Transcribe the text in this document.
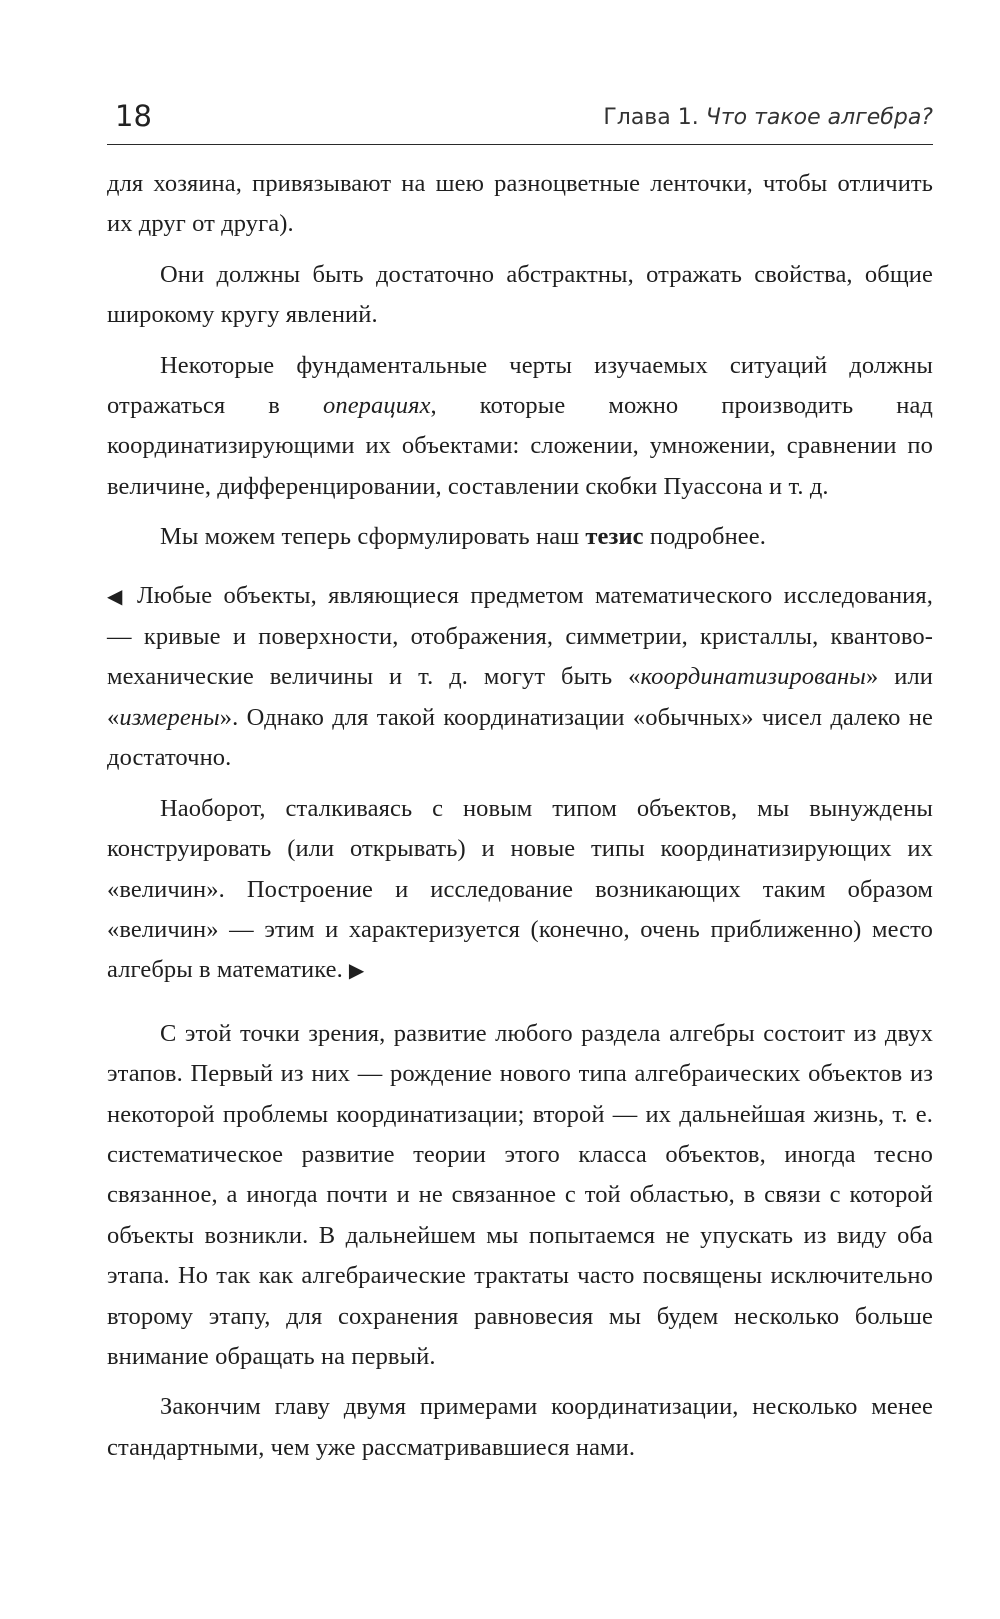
18	Глава 1. Что такое алгебра?

для хозяина, привязывают на шею разноцветные ленточки, чтобы отличить их друг от друга).

Они должны быть достаточно абстрактны, отражать свойства, общие широкому кругу явлений.

Некоторые фундаментальные черты изучаемых ситуаций должны отражаться в операциях, которые можно производить над координатизирующими их объектами: сложении, умножении, сравнении по величине, дифференцировании, составлении скобки Пуассона и т. д.

Мы можем теперь сформулировать наш тезис подробнее.

◀ Любые объекты, являющиеся предметом математического исследования, — кривые и поверхности, отображения, симметрии, кристаллы, квантово-механические величины и т. д. могут быть «координатизированы» или «измерены». Однако для такой координатизации «обычных» чисел далеко не достаточно.

Наоборот, сталкиваясь с новым типом объектов, мы вынуждены конструировать (или открывать) и новые типы координатизирующих их «величин». Построение и исследование возникающих таким образом «величин» — этим и характеризуется (конечно, очень приближенно) место алгебры в математике. ▶

С этой точки зрения, развитие любого раздела алгебры состоит из двух этапов. Первый из них — рождение нового типа алгебраических объектов из некоторой проблемы координатизации; второй — их дальнейшая жизнь, т. е. систематическое развитие теории этого класса объектов, иногда тесно связанное, а иногда почти и не связанное с той областью, в связи с которой объекты возникли. В дальнейшем мы попытаемся не упускать из виду оба этапа. Но так как алгебраические трактаты часто посвящены исключительно второму этапу, для сохранения равновесия мы будем несколько больше внимание обращать на первый.

Закончим главу двумя примерами координатизации, несколько менее стандартными, чем уже рассматривавшиеся нами.
